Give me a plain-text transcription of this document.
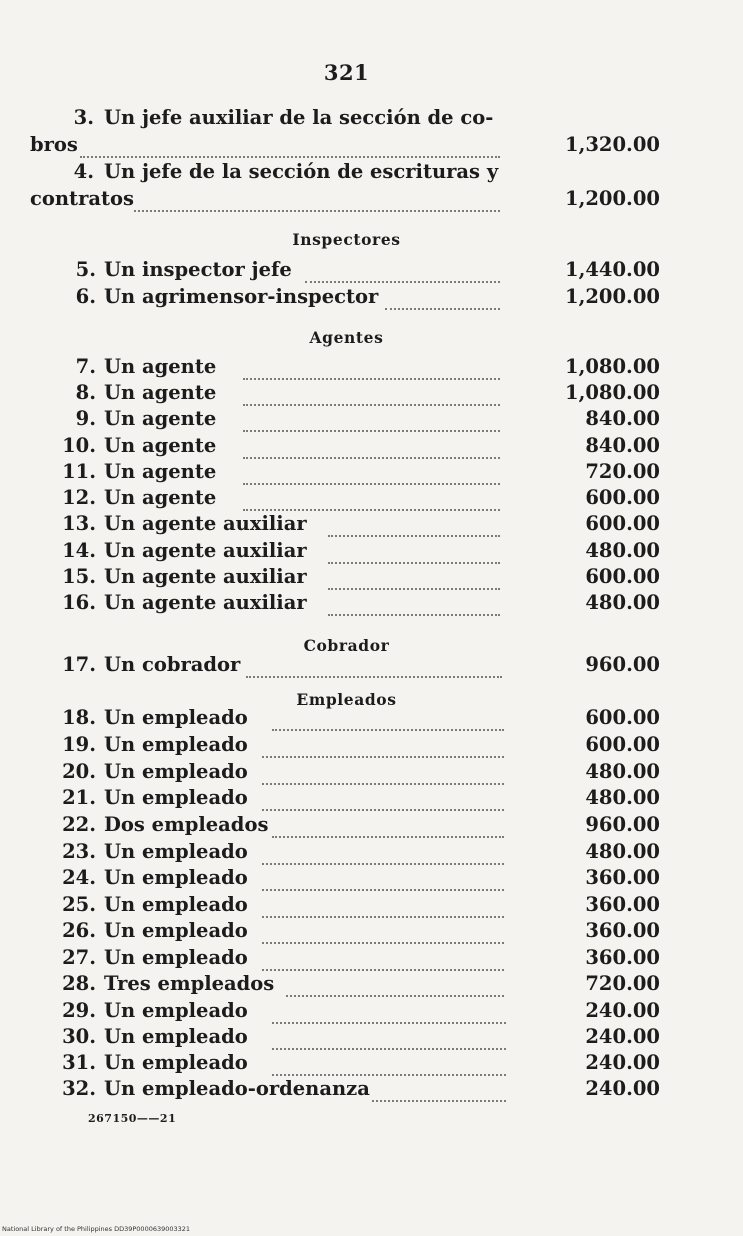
321
3. Un jefe auxiliar de la sección de co-
bros	1,320.00
4. Un jefe de la sección de escrituras y
contratos	1,200.00
Inspectores
5. Un inspector jefe	1,440.00
6. Un agrimensor-inspector	1,200.00
Agentes
7. Un agente	1,080.00
8. Un agente	1,080.00
9. Un agente	840.00
10. Un agente	840.00
11. Un agente	720.00
12. Un agente	600.00
13. Un agente auxiliar	600.00
14. Un agente auxiliar	480.00
15. Un agente auxiliar	600.00
16. Un agente auxiliar	480.00
Cobrador
17. Un cobrador	960.00
Empleados
18. Un empleado	600.00
19. Un empleado	600.00
20. Un empleado	480.00
21. Un empleado	480.00
22. Dos empleados	960.00
23. Un empleado	480.00
24. Un empleado	360.00
25. Un empleado	360.00
26. Un empleado	360.00
27. Un empleado	360.00
28. Tres empleados	720.00
29. Un empleado	240.00
30. Un empleado	240.00
31. Un empleado	240.00
32. Un empleado-ordenanza	240.00
267150——21
National Library of the Philippines DD39P0000639003321
